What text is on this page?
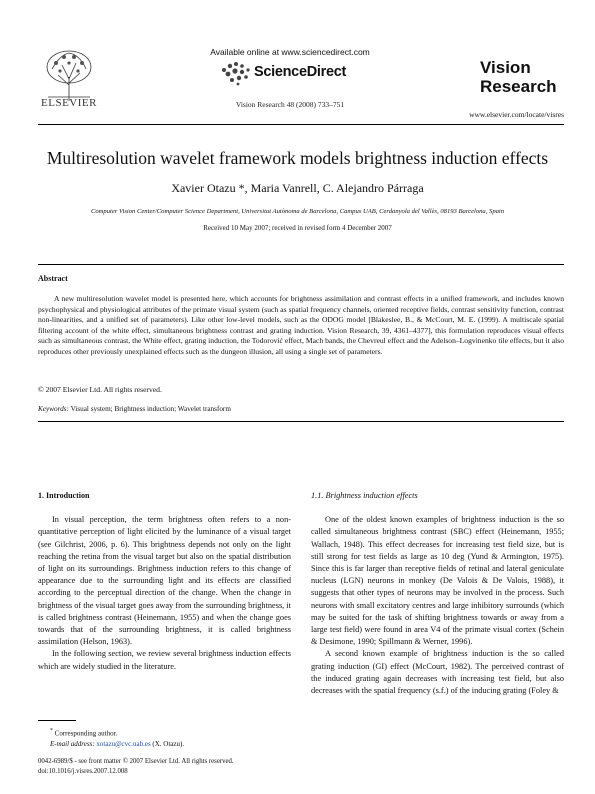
ELSEVIER
Available online at www.sciencedirect.com
ScienceDirect
Vision Research 48 (2008) 733–751
Vision
Research
www.elsevier.com/locate/visres
Multiresolution wavelet framework models brightness induction effects
Xavier Otazu *, Maria Vanrell, C. Alejandro Párraga
Computer Vision Center/Computer Science Department, Universitat Autònoma de Barcelona, Campus UAB, Cerdanyola del Vallès, 08193 Barcelona, Spain
Received 10 May 2007; received in revised form 4 December 2007
Abstract

A new multiresolution wavelet model is presented here, which accounts for brightness assimilation and contrast effects in a unified framework, and includes known psychophysical and physiological attributes of the primate visual system (such as spatial frequency channels, oriented receptive fields, contrast sensitivity function, contrast non-linearities, and a unified set of parameters). Like other low-level models, such as the ODOG model [Blakeslee, B., & McCourt, M. E. (1999). A multiscale spatial filtering account of the white effect, simultaneous brightness contrast and grating induction. Vision Research, 39, 4361–4377], this formulation reproduces visual effects such as simultaneous contrast, the White effect, grating induction, the Todorović effect, Mach bands, the Chevreul effect and the Adelson–Logvinenko tile effects, but it also reproduces other previously unexplained effects such as the dungeon illusion, all using a single set of parameters.

© 2007 Elsevier Ltd. All rights reserved.
Keywords: Visual system; Brightness induction; Wavelet transform
1. Introduction

In visual perception, the term brightness often refers to a non-quantitative perception of light elicited by the luminance of a visual target (see Gilchrist, 2006, p. 6). This brightness depends not only on the light reaching the retina from the visual target but also on the spatial distribution of light on its surroundings. Brightness induction refers to this change of appearance due to the surrounding light and its effects are classified according to the perceptual direction of the change. When the change in brightness of the visual target goes away from the surrounding brightness, it is called brightness contrast (Heinemann, 1955) and when the change goes towards that of the surrounding brightness, it is called brightness assimilation (Helson, 1963).

In the following section, we review several brightness induction effects which are widely studied in the literature.

1.1. Brightness induction effects

One of the oldest known examples of brightness induction is the so called simultaneous brightness contrast (SBC) effect (Heinemann, 1955; Wallach, 1948). This effect decreases for increasing test field size, but is still strong for test fields as large as 10 deg (Yund & Armington, 1975). Since this is far larger than receptive fields of retinal and lateral geniculate nucleus (LGN) neurons in monkey (De Valois & De Valois, 1988), it suggests that other types of neurons may be involved in the process. Such neurons with small excitatory centres and large inhibitory surrounds (which may be suited for the task of shifting brightness towards or away from a large test field) were found in area V4 of the primate visual cortex (Schein & Desimone, 1990; Spillmann & Werner, 1996).

A second known example of brightness induction is the so called grating induction (GI) effect (McCourt, 1982). The perceived contrast of the induced grating again decreases with increasing test field, but also decreases with the spatial frequency (s.f.) of the inducing grating (Foley &

* Corresponding author.
E-mail address: xotazu@cvc.uab.es (X. Otazu).
0042-6989/$ - see front matter © 2007 Elsevier Ltd. All rights reserved.
doi:10.1016/j.visres.2007.12.008
